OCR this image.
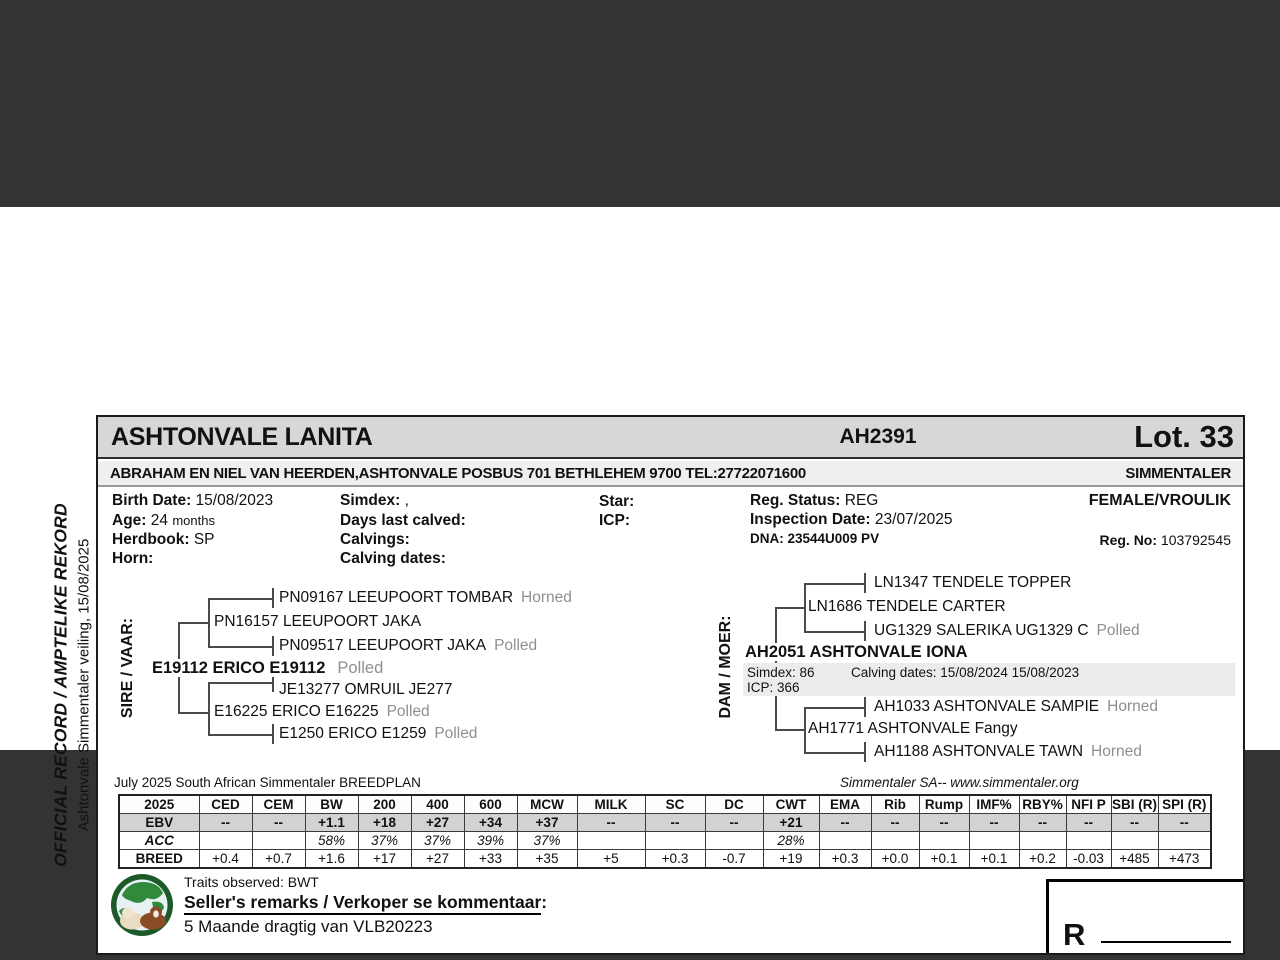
OFFICIAL RECORD / AMPTELIKE REKORD Ashtonvale Simmentaler veiling, 15/08/2025
ASHTONVALE LANITA	AH2391	Lot. 33
ABRAHAM EN NIEL VAN HEERDEN,ASHTONVALE POSBUS 701 BETHLEHEM 9700 TEL:27722071600	SIMMENTALER
Birth Date: 15/08/2023
Age: 24 months
Herdbook: SP
Horn:
Simdex: ,
Days last calved:
Calvings:
Calving dates:
Star:
ICP:
Reg. Status: REG
Inspection Date: 23/07/2025
DNA: 23544U009 PV
FEMALE/VROULIK
Reg. No: 103792545
SIRE / VAAR:	DAM / MOER:
PN09167 LEEUPOORT TOMBAR Horned
PN16157 LEEUPOORT JAKA
PN09517 LEEUPOORT JAKA Polled
E19112 ERICO E19112 Polled
JE13277 OMRUIL JE277
E16225 ERICO E16225 Polled
E1250 ERICO E1259 Polled
LN1347 TENDELE TOPPER
LN1686 TENDELE CARTER
UG1329 SALERIKA UG1329 C Polled
AH2051 ASHTONVALE IONA
Simdex: 86	Calving dates: 15/08/2024 15/08/2023
ICP: 366
AH1033 ASHTONVALE SAMPIE Horned
AH1771 ASHTONVALE Fangy
AH1188 ASHTONVALE TAWN Horned
July 2025 South African Simmentaler BREEDPLAN	Simmentaler SA-- www.simmentaler.org
2025	CED	CEM	BW	200	400	600	MCW	MILK	SC	DC	CWT	EMA	Rib	Rump	IMF%	RBY%	NFI P	SBI (R)	SPI (R)
EBV	--	--	+1.1	+18	+27	+34	+37	--	--	--	+21	--	--	--	--	--	--	--	--
ACC			58%	37%	37%	39%	37%				28%								
BREED	+0.4	+0.7	+1.6	+17	+27	+33	+35	+5	+0.3	-0.7	+19	+0.3	+0.0	+0.1	+0.1	+0.2	-0.03	+485	+473
Traits observed: BWT
Seller's remarks / Verkoper se kommentaar:
5 Maande dragtig van VLB20223	R
